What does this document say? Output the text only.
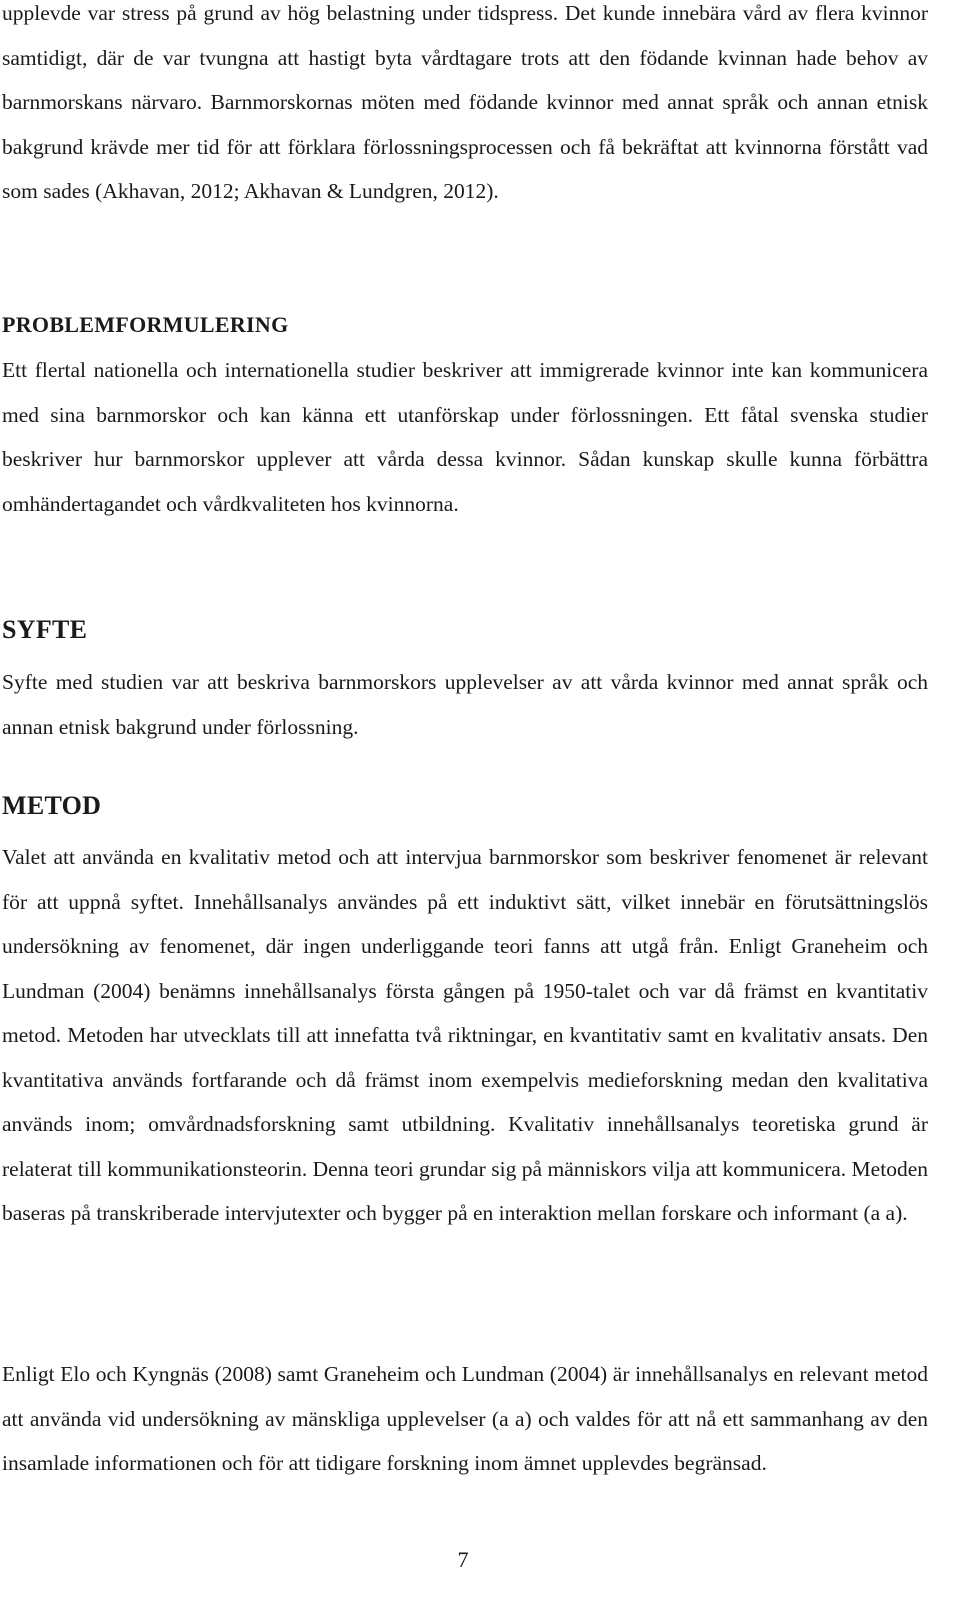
upplevde var stress på grund av hög belastning under tidspress. Det kunde innebära vård av flera kvinnor samtidigt, där de var tvungna att hastigt byta vårdtagare trots att den födande kvinnan hade behov av barnmorskans närvaro. Barnmorskornas möten med födande kvinnor med annat språk och annan etnisk bakgrund krävde mer tid för att förklara förlossningsprocessen och få bekräftat att kvinnorna förstått vad som sades (Akhavan, 2012; Akhavan & Lundgren, 2012).

PROBLEMFORMULERING

Ett flertal nationella och internationella studier beskriver att immigrerade kvinnor inte kan kommunicera med sina barnmorskor och kan känna ett utanförskap under förlossningen. Ett fåtal svenska studier beskriver hur barnmorskor upplever att vårda dessa kvinnor. Sådan kunskap skulle kunna förbättra omhändertagandet och vårdkvaliteten hos kvinnorna.

SYFTE

Syfte med studien var att beskriva barnmorskors upplevelser av att vårda kvinnor med annat språk och annan etnisk bakgrund under förlossning.

METOD

Valet att använda en kvalitativ metod och att intervjua barnmorskor som beskriver fenomenet är relevant för att uppnå syftet. Innehållsanalys användes på ett induktivt sätt, vilket innebär en förutsättningslös undersökning av fenomenet, där ingen underliggande teori fanns att utgå från. Enligt Graneheim och Lundman (2004) benämns innehållsanalys första gången på 1950-talet och var då främst en kvantitativ metod. Metoden har utvecklats till att innefatta två riktningar, en kvantitativ samt en kvalitativ ansats. Den kvantitativa används fortfarande och då främst inom exempelvis medieforskning medan den kvalitativa används inom; omvårdnadsforskning samt utbildning. Kvalitativ innehållsanalys teoretiska grund är relaterat till kommunikationsteorin. Denna teori grundar sig på människors vilja att kommunicera. Metoden baseras på transkriberade intervjutexter och bygger på en interaktion mellan forskare och informant (a a).

Enligt Elo och Kyngnäs (2008) samt Graneheim och Lundman (2004) är innehållsanalys en relevant metod att använda vid undersökning av mänskliga upplevelser (a a) och valdes för att nå ett sammanhang av den insamlade informationen och för att tidigare forskning inom ämnet upplevdes begränsad.

7
